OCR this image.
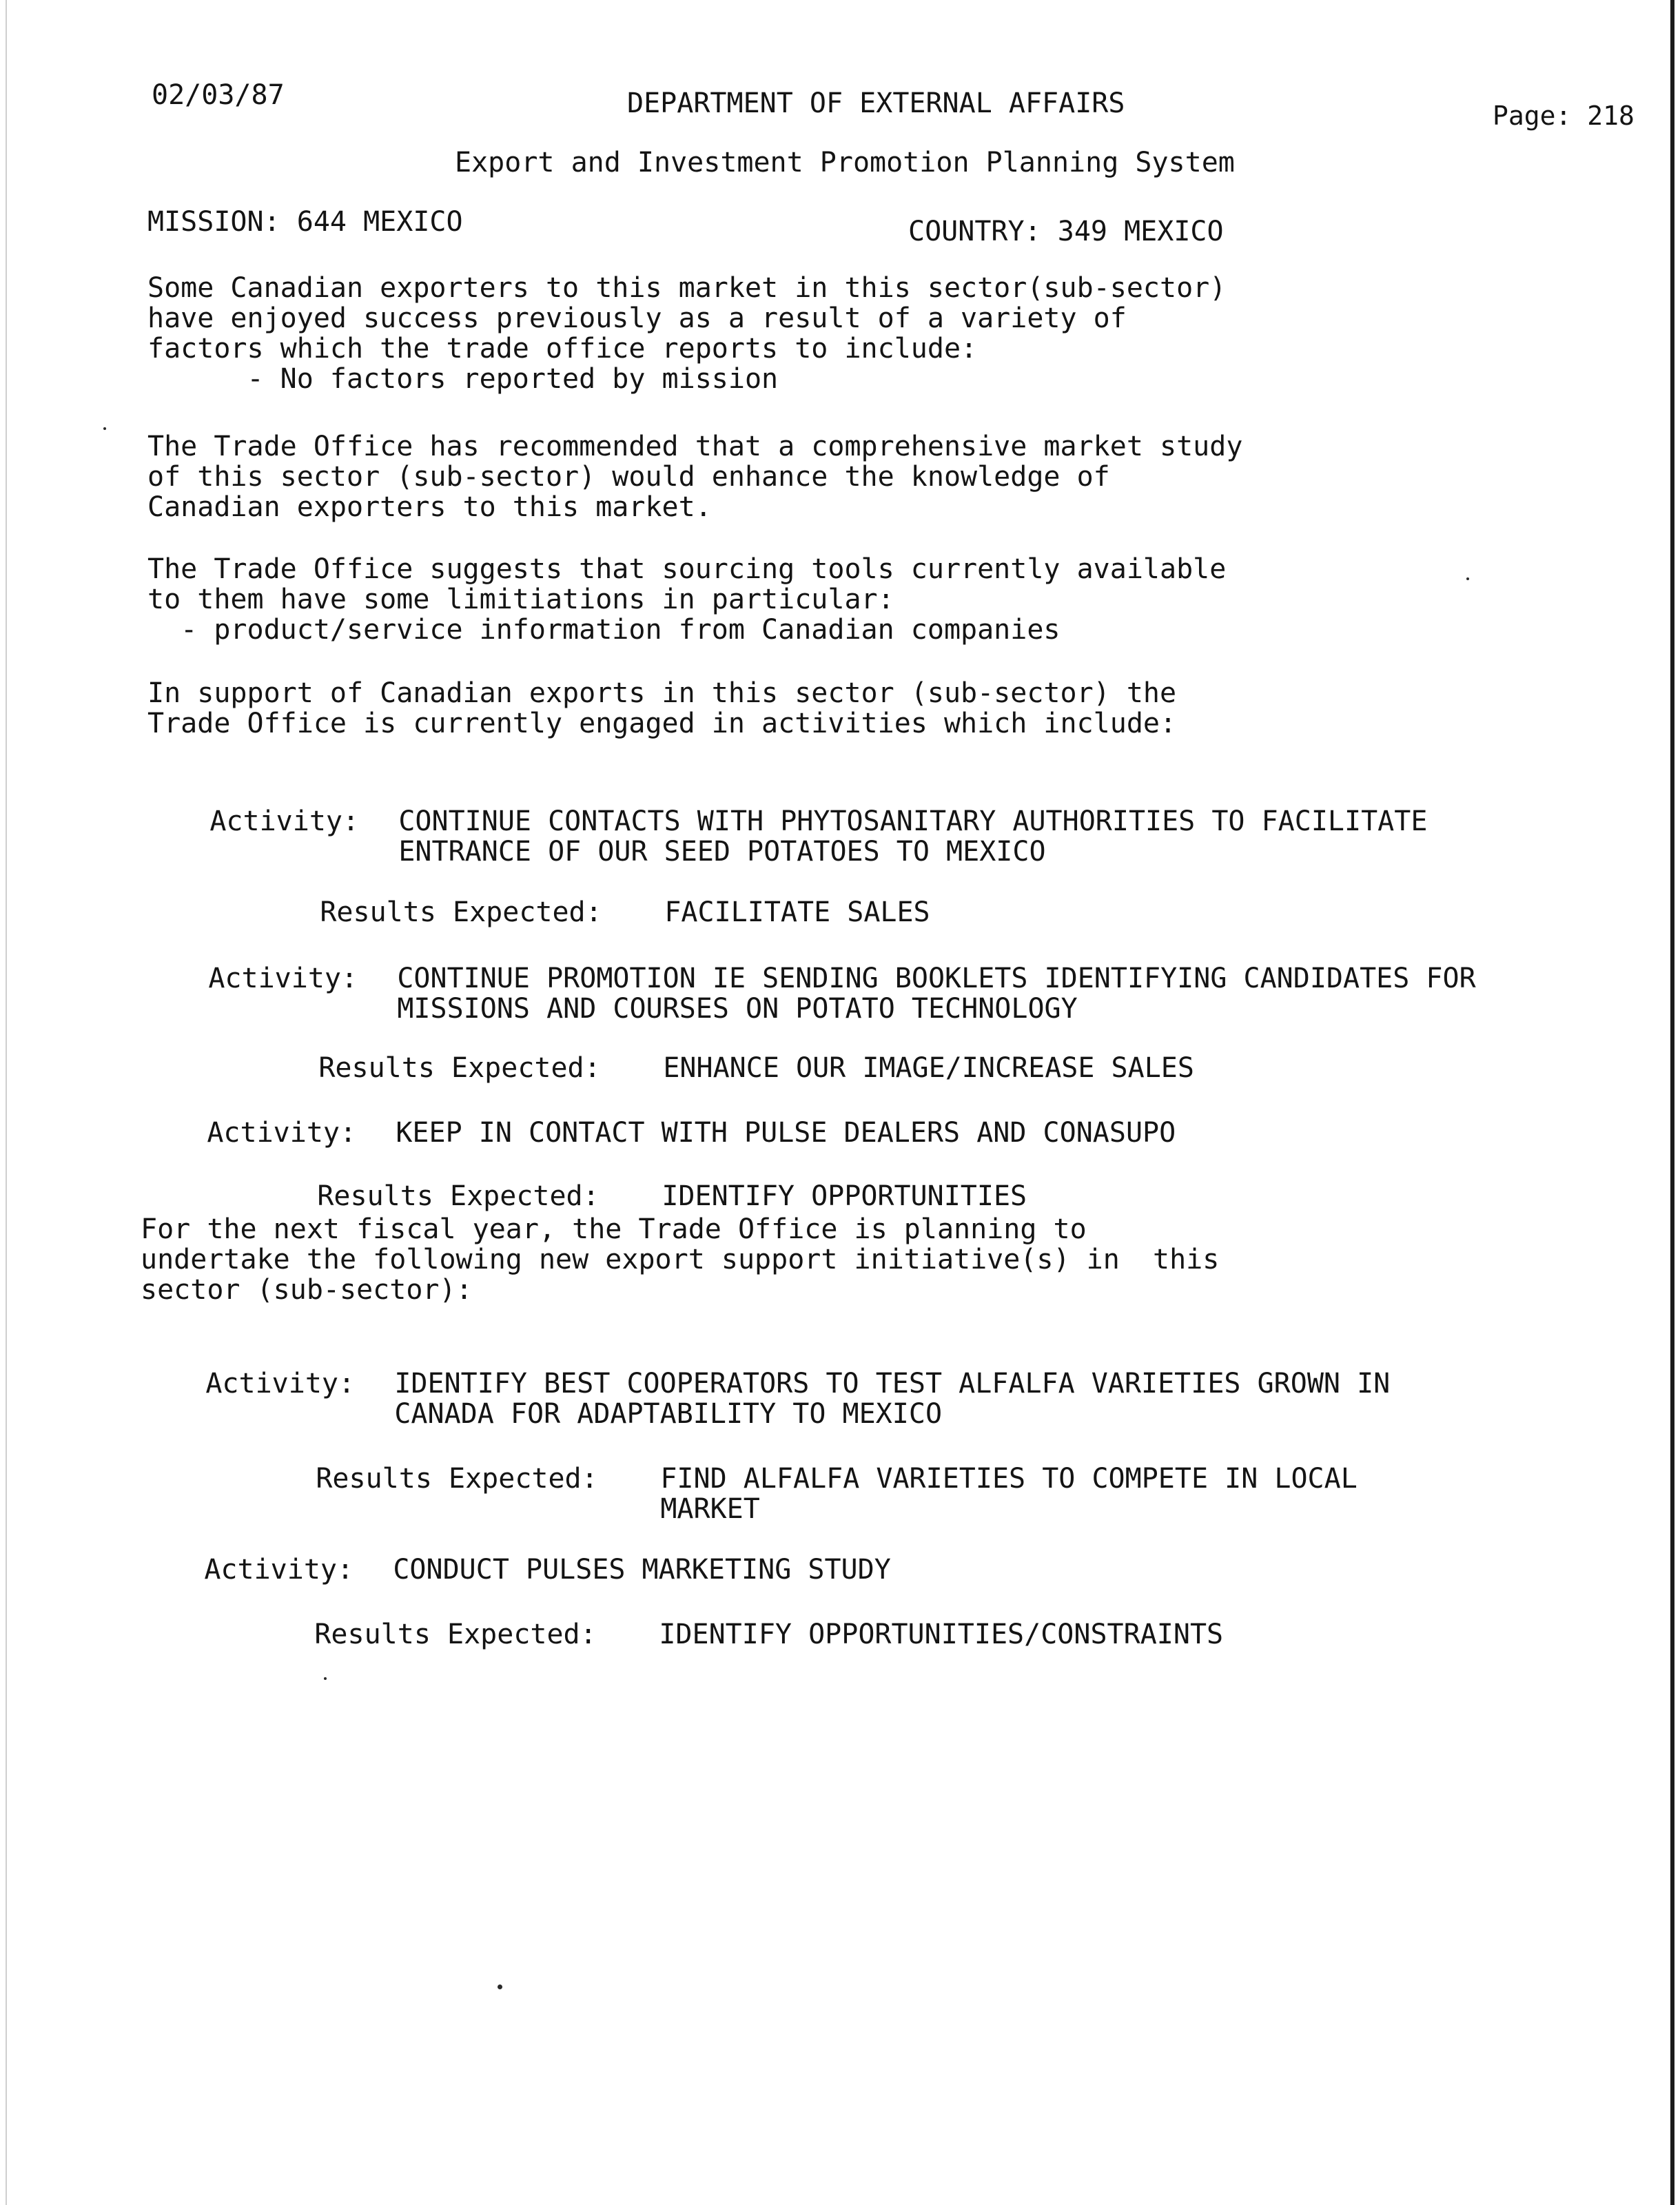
02/03/87	DEPARTMENT OF EXTERNAL AFFAIRS	Page: 218
Export and Investment Promotion Planning System
MISSION: 644 MEXICO	COUNTRY: 349 MEXICO
Some Canadian exporters to this market in this sector(sub-sector)
have enjoyed success previously as a result of a variety of
factors which the trade office reports to include:
- No factors reported by mission
The Trade Office has recommended that a comprehensive market study
of this sector (sub-sector) would enhance the knowledge of
Canadian exporters to this market.
The Trade Office suggests that sourcing tools currently available
to them have some limitiations in particular:
- product/service information from Canadian companies
In support of Canadian exports in this sector (sub-sector) the
Trade Office is currently engaged in activities which include:

Activity: CONTINUE CONTACTS WITH PHYTOSANITARY AUTHORITIES TO FACILITATE
ENTRANCE OF OUR SEED POTATOES TO MEXICO

Results Expected: FACILITATE SALES

Activity: CONTINUE PROMOTION IE SENDING BOOKLETS IDENTIFYING CANDIDATES FOR
MISSIONS AND COURSES ON POTATO TECHNOLOGY

Results Expected: ENHANCE OUR IMAGE/INCREASE SALES

Activity: KEEP IN CONTACT WITH PULSE DEALERS AND CONASUPO

Results Expected: IDENTIFY OPPORTUNITIES

For the next fiscal year, the Trade Office is planning to
undertake the following new export support initiative(s) in  this
sector (sub-sector):

Activity: IDENTIFY BEST COOPERATORS TO TEST ALFALFA VARIETIES GROWN IN
CANADA FOR ADAPTABILITY TO MEXICO

Results Expected: FIND ALFALFA VARIETIES TO COMPETE IN LOCAL
MARKET

Activity: CONDUCT PULSES MARKETING STUDY

Results Expected: IDENTIFY OPPORTUNITIES/CONSTRAINTS
